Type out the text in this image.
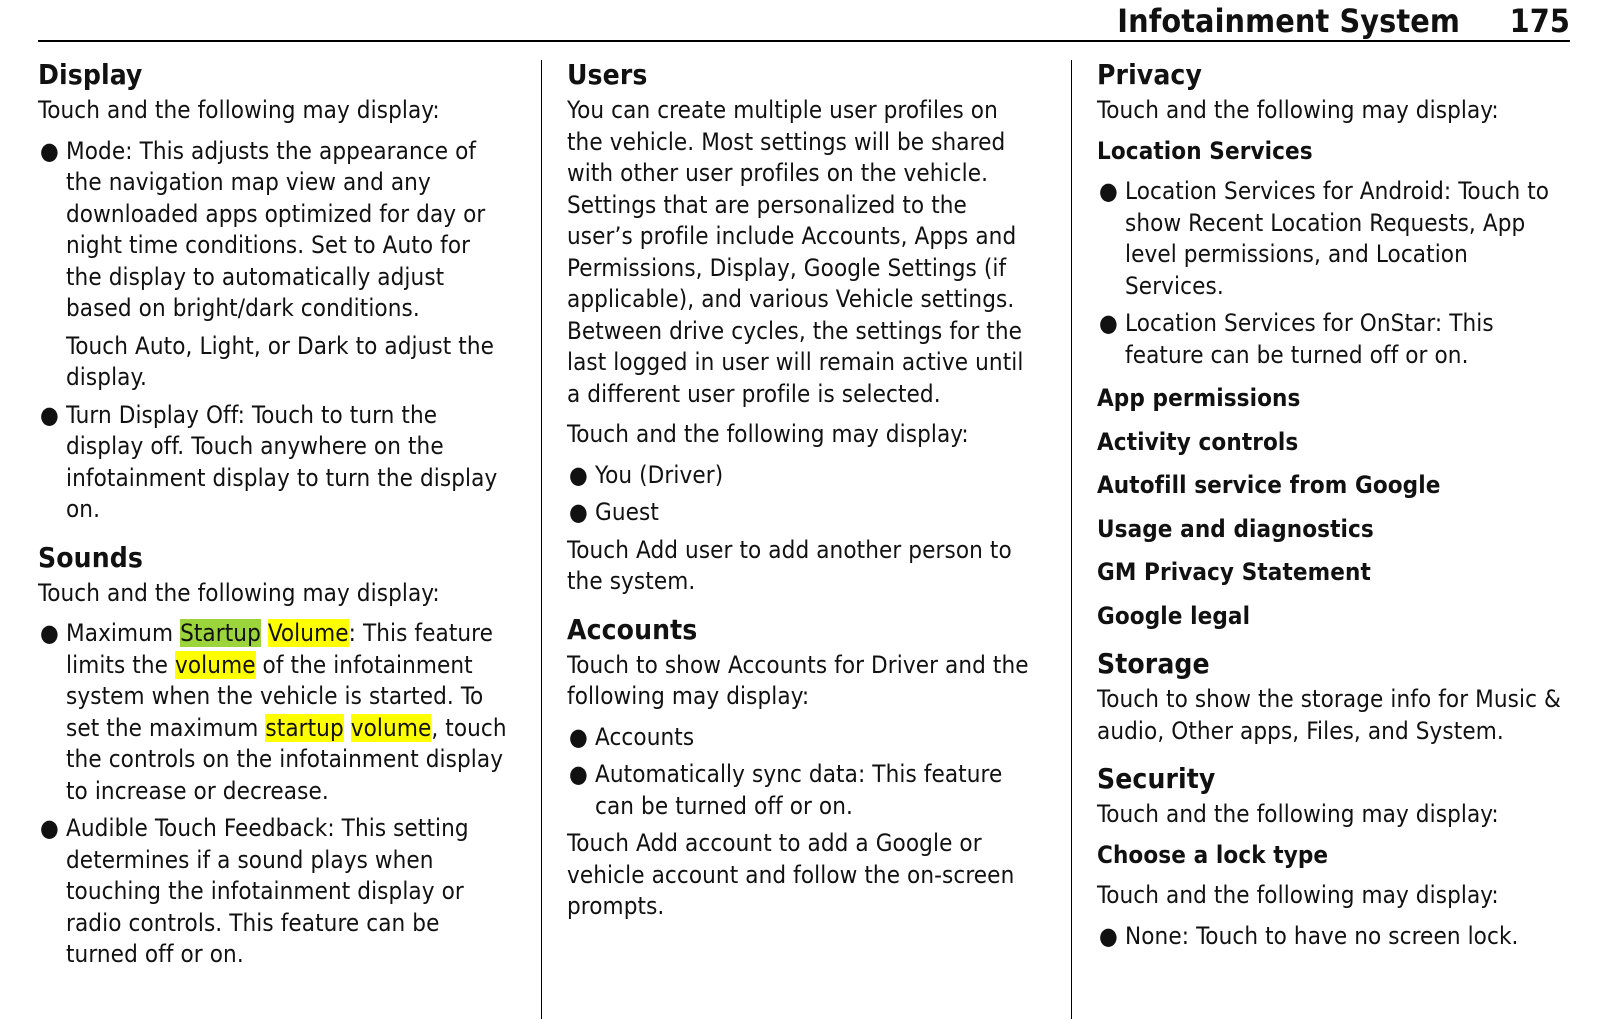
Infotainment System 175
Display

Touch and the following may display:

● Mode: This adjusts the appearance of the navigation map view and any downloaded apps optimized for day or night time conditions. Set to Auto for the display to automatically adjust based on bright/dark conditions.

Touch Auto, Light, or Dark to adjust the display.

● Turn Display Off: Touch to turn the display off. Touch anywhere on the infotainment display to turn the display on.
Sounds

Touch and the following may display:

● Maximum Startup Volume: This feature limits the volume of the infotainment system when the vehicle is started. To set the maximum startup volume, touch the controls on the infotainment display to increase or decrease.
● Audible Touch Feedback: This setting determines if a sound plays when touching the infotainment display or radio controls. This feature can be turned off or on.
Users

You can create multiple user profiles on the vehicle. Most settings will be shared with other user profiles on the vehicle. Settings that are personalized to the user’s profile include Accounts, Apps and Permissions, Display, Google Settings (if applicable), and various Vehicle settings. Between drive cycles, the settings for the last logged in user will remain active until a different user profile is selected.

Touch and the following may display:

● You (Driver)
● Guest

Touch Add user to add another person to the system.

Accounts

Touch to show Accounts for Driver and the following may display:

● Accounts
● Automatically sync data: This feature can be turned off or on.

Touch Add account to add a Google or vehicle account and follow the on-screen prompts.

Privacy

Touch and the following may display:

Location Services
● Location Services for Android: Touch to show Recent Location Requests, App level permissions, and Location Services.
● Location Services for OnStar: This feature can be turned off or on.
App permissions
Activity controls
Autofill service from Google
Usage and diagnostics
GM Privacy Statement
Google legal
Storage

Touch to show the storage info for Music & audio, Other apps, Files, and System.

Security

Touch and the following may display:

Choose a lock type

Touch and the following may display:

● None: Touch to have no screen lock.
